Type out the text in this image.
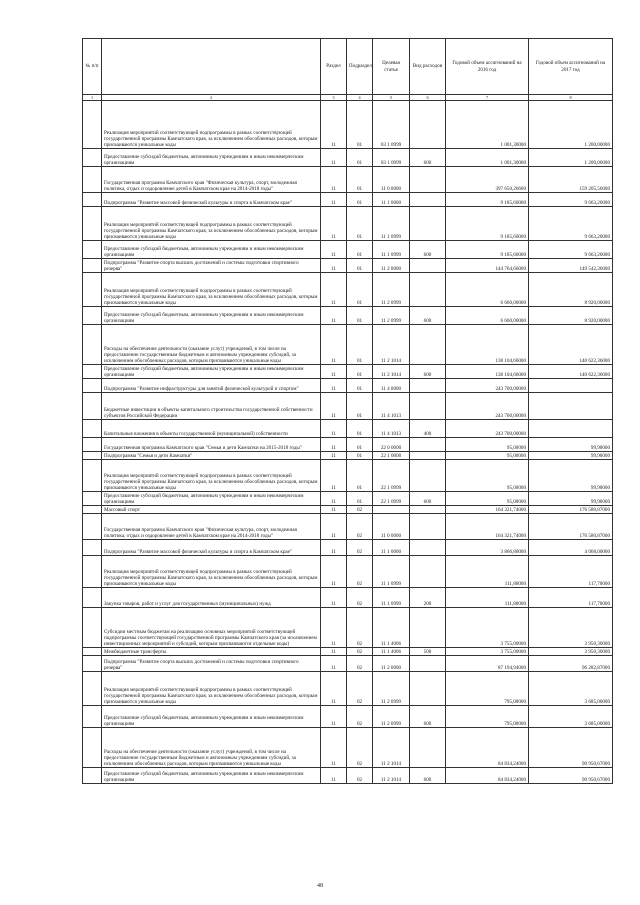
№ п/п		Раздел	Подраздел	Целевая статья	Вид расходов	Годовой объем ассигнований на 2016 год	Годовой объем ассигнований на 2017 год
1	2	3	4	5	6	7	8
	Реализация мероприятий соответствующей подпрограммы в рамках соответствующей государственной программы Камчатского края, за исключением обособленных расходов, которым присваиваются уникальные коды	11	01	03 1 0999		1 001,30000	1 200,00000
	Предоставление субсидий бюджетным, автономным учреждениям и иным некоммерческим организациям	11	01	03 1 0999	600	1 001,30000	1 200,00000
	Государственная программа Камчатского края "Физическая культура, спорт, молодежная политика, отдых и оздоровление детей в Камчатском крае на 2014-2018 годы"	11	01	11 0 0000		397 650,26600	159 205,56000
	Подпрограмма "Развитие массовой физической культуры и спорта в Камчатском крае"	11	01	11 1 0000		9 185,60000	9 663,20000
	Реализация мероприятий соответствующей подпрограммы в рамках соответствующей государственной программы Камчатского края, за исключением обособленных расходов, которым присваиваются уникальные коды	11	01	11 1 0999		9 185,60000	9 663,20000
	Предоставление субсидий бюджетным, автономным учреждениям и иным некоммерческим организациям	11	01	11 1 0999	600	9 185,60000	9 663,20000
	Подпрограмма "Развитие спорта высших достижений и системы подготовки спортивного резерва"	11	01	11 2 0000		144 764,66000	149 542,36000
	Реализация мероприятий соответствующей подпрограммы в рамках соответствующей государственной программы Камчатского края, за исключением обособленных расходов, которым присваиваются уникальные коды	11	01	11 2 0999		6 660,00000	8 920,00000
	Предоставление субсидий бюджетным, автономным учреждениям и иным некоммерческим организациям	11	01	11 2 0999	600	6 660,00000	8 920,00000
	Расходы на обеспечение деятельности (оказание услуг) учреждений, в том числе на предоставление государственным бюджетным и автономным учреждениям субсидий, за исключением обособленных расходов, которым присваиваются уникальные коды	11	01	11 2 1014		138 104,66000	140 622,36000
	Предоставление субсидий бюджетным, автономным учреждениям и иным некоммерческим организациям	11	01	11 2 1014	600	138 104,66000	140 622,36000
	Подпрограмма "Развитие инфраструктуры для занятий физической культурой и спортом"	11	01	11 4 0000		243 700,00000	
	Бюджетные инвестиции в объекты капитального строительства государственной собственности субъектов Российской Федерации	11	01	11 4 1013		243 700,00000	
	Капитальные вложения в объекты государственной (муниципальной) собственности	11	01	11 4 1013	400	243 700,00000	
	Государственная программа Камчатского края "Семья и дети Камчатки на 2015-2018 годы"	11	01	22 0 0000		95,00000	99,90000
	Подпрограмма "Семья и дети Камчатки"	11	01	22 1 0000		95,00000	99,90000
	Реализация мероприятий соответствующей подпрограммы в рамках соответствующей государственной программы Камчатского края, за исключением обособленных расходов, которым присваиваются уникальные коды	11	01	22 1 0999		95,00000	99,90000
	Предоставление субсидий бюджетным, автономным учреждениям и иным некоммерческим организациям	11	01	22 1 0999	600	95,00000	99,90000
	Массовый спорт	11	02			164 321,74000	176 580,87000
	Государственная программа Камчатского края "Физическая культура, спорт, молодежная политика, отдых и оздоровление детей в Камчатском крае на 2014-2018 годы"	11	02	11 0 0000		164 321,74000	176 580,87000
	Подпрограмма "Развитие массовой физической культуры и спорта в Камчатском крае"	11	02	11 1 0000		3 866,80000	4 068,00000
	Реализация мероприятий соответствующей подпрограммы в рамках соответствующей государственной программы Камчатского края, за исключением обособленных расходов, которым присваиваются уникальные коды	11	02	11 1 0999		111,80000	117,70000
	Закупка товаров, работ и услуг для государственных (муниципальных) нужд	11	02	11 1 0999	200	111,80000	117,70000
	Субсидии местным бюджетам на реализацию основных мероприятий соответствующей подпрограммы соответствующей государственной программы Камчатского края (за исключением инвестиционных мероприятий и субсидий, которым присваиваются отдельные коды)	11	02	11 1 4006		3 755,00000	3 950,30000
	Межбюджетные трансферты	11	02	11 1 4006	500	3 755,00000	3 950,30000
	Подпрограмма "Развитие спорта высших достижений и системы подготовки спортивного резерва"	11	02	11 2 0000		87 194,94000	96 282,87000
	Реализация мероприятий соответствующей подпрограммы в рамках соответствующей государственной программы Камчатского края, за исключением обособленных расходов, которым присваиваются уникальные коды	11	02	11 2 0999		795,00000	3 685,00000
	Предоставление субсидий бюджетным, автономным учреждениям и иным некоммерческим организациям	11	02	11 2 0999	600	795,00000	3 685,00000
	Расходы на обеспечение деятельности (оказание услуг) учреждений, в том числе на предоставление государственным бюджетным и автономным учреждениям субсидий, за исключением обособленных расходов, которым присваиваются уникальные коды	11	02	11 2 1014		84 834,24000	90 950,67000
	Предоставление субсидий бюджетным, автономным учреждениям и иным некоммерческим организациям	11	02	11 2 1014	600	84 834,24000	90 950,67000
48
